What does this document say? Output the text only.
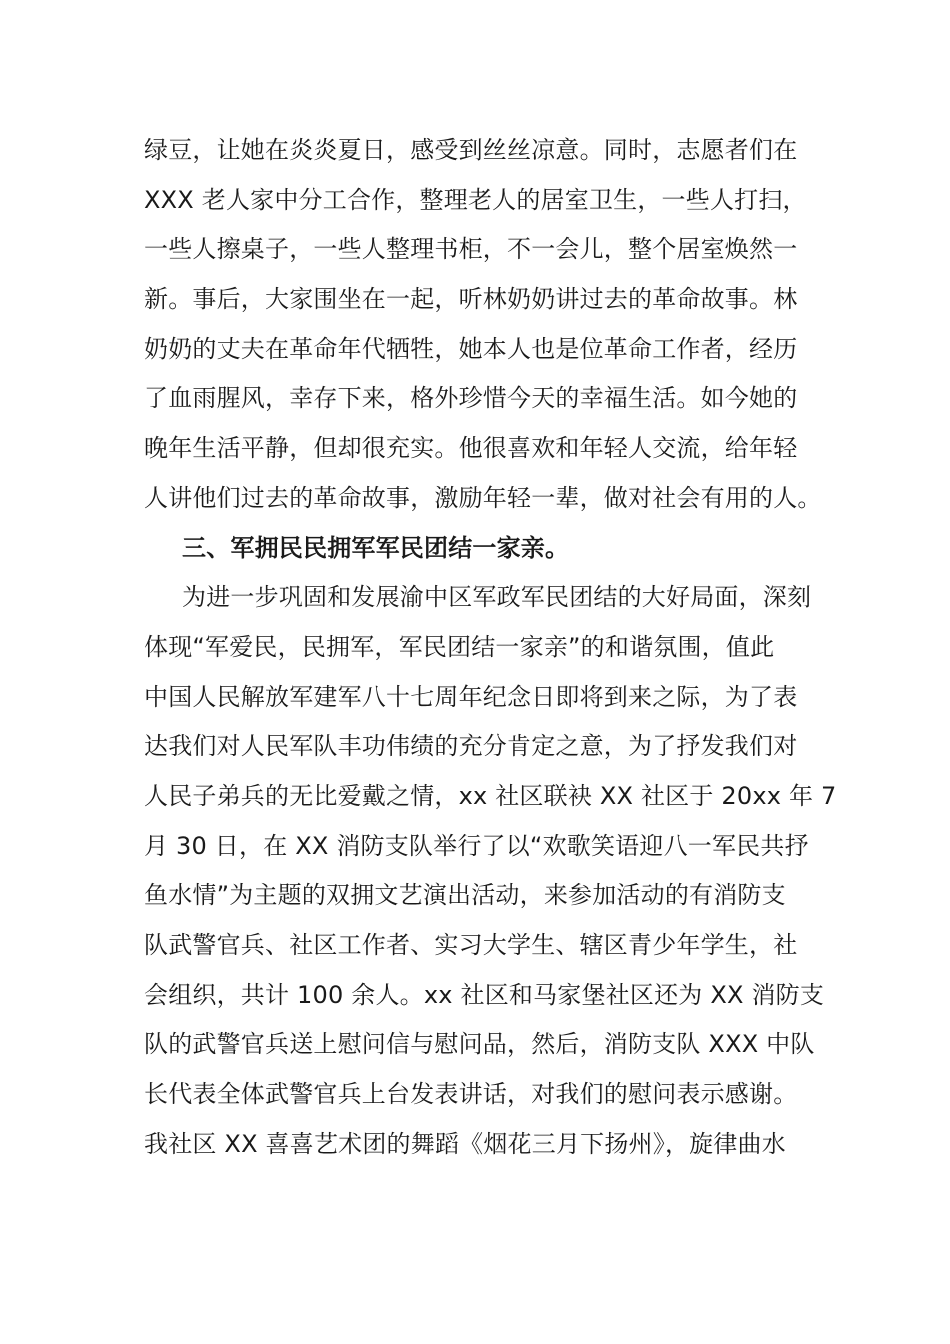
绿豆，让她在炎炎夏日，感受到丝丝凉意。同时，志愿者们在
XXX 老人家中分工合作，整理老人的居室卫生，一些人打扫，
一些人擦桌子，一些人整理书柜，不一会儿，整个居室焕然一
新。事后，大家围坐在一起，听林奶奶讲过去的革命故事。林
奶奶的丈夫在革命年代牺牲，她本人也是位革命工作者，经历
了血雨腥风，幸存下来，格外珍惜今天的幸福生活。如今她的
晚年生活平静，但却很充实。他很喜欢和年轻人交流，给年轻
人讲他们过去的革命故事，激励年轻一辈，做对社会有用的人。
三、军拥民民拥军军民团结一家亲。
为进一步巩固和发展渝中区军政军民团结的大好局面，深刻
体现“军爱民，民拥军，军民团结一家亲”的和谐氛围，值此
中国人民解放军建军八十七周年纪念日即将到来之际，为了表
达我们对人民军队丰功伟绩的充分肯定之意，为了抒发我们对
人民子弟兵的无比爱戴之情，xx 社区联袂 XX 社区于 20xx 年 7
月 30 日，在 XX 消防支队举行了以“欢歌笑语迎八一军民共抒
鱼水情”为主题的双拥文艺演出活动，来参加活动的有消防支
队武警官兵、社区工作者、实习大学生、辖区青少年学生，社
会组织，共计 100 余人。xx 社区和马家堡社区还为 XX 消防支
队的武警官兵送上慰问信与慰问品，然后，消防支队 XXX 中队
长代表全体武警官兵上台发表讲话，对我们的慰问表示感谢。
我社区 XX 喜喜艺术团的舞蹈《烟花三月下扬州》，旋律曲水
